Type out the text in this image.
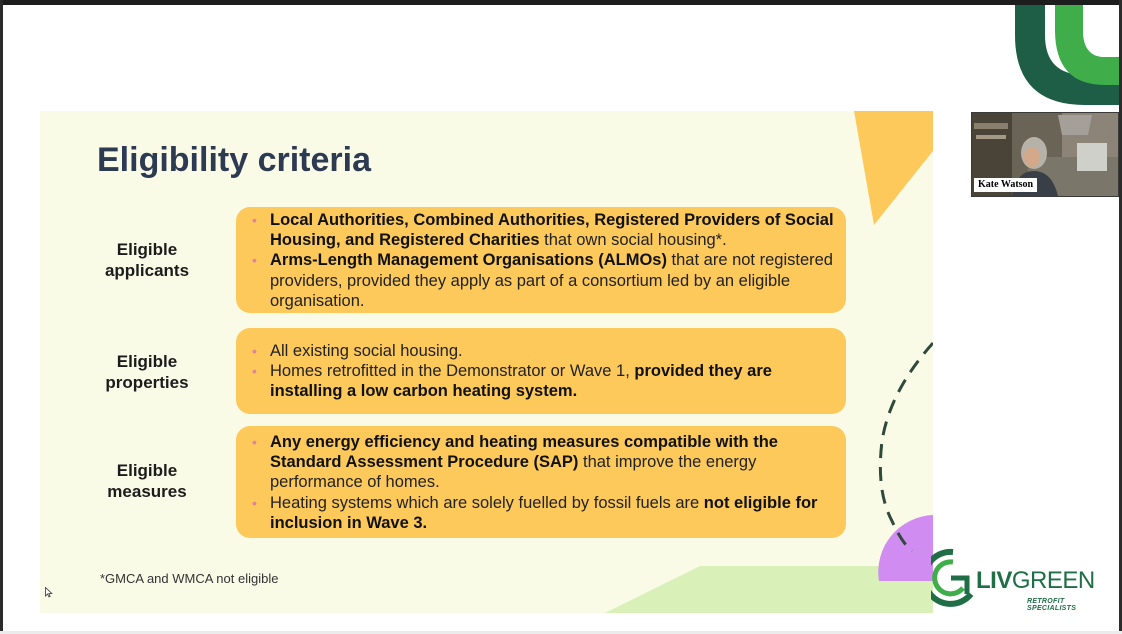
Eligibility criteria
Eligible
applicants
• Local Authorities, Combined Authorities, Registered Providers of Social Housing, and Registered Charities that own social housing*.
• Arms-Length Management Organisations (ALMOs) that are not registered providers, provided they apply as part of a consortium led by an eligible organisation.
Eligible
properties
• All existing social housing.
• Homes retrofitted in the Demonstrator or Wave 1, provided they are installing a low carbon heating system.
Eligible
measures
• Any energy efficiency and heating measures compatible with the Standard Assessment Procedure (SAP) that improve the energy performance of homes.
• Heating systems which are solely fuelled by fossil fuels are not eligible for inclusion in Wave 3.
*GMCA and WMCA not eligible
Kate Watson
LIVGREEN
RETROFIT SPECIALISTS
